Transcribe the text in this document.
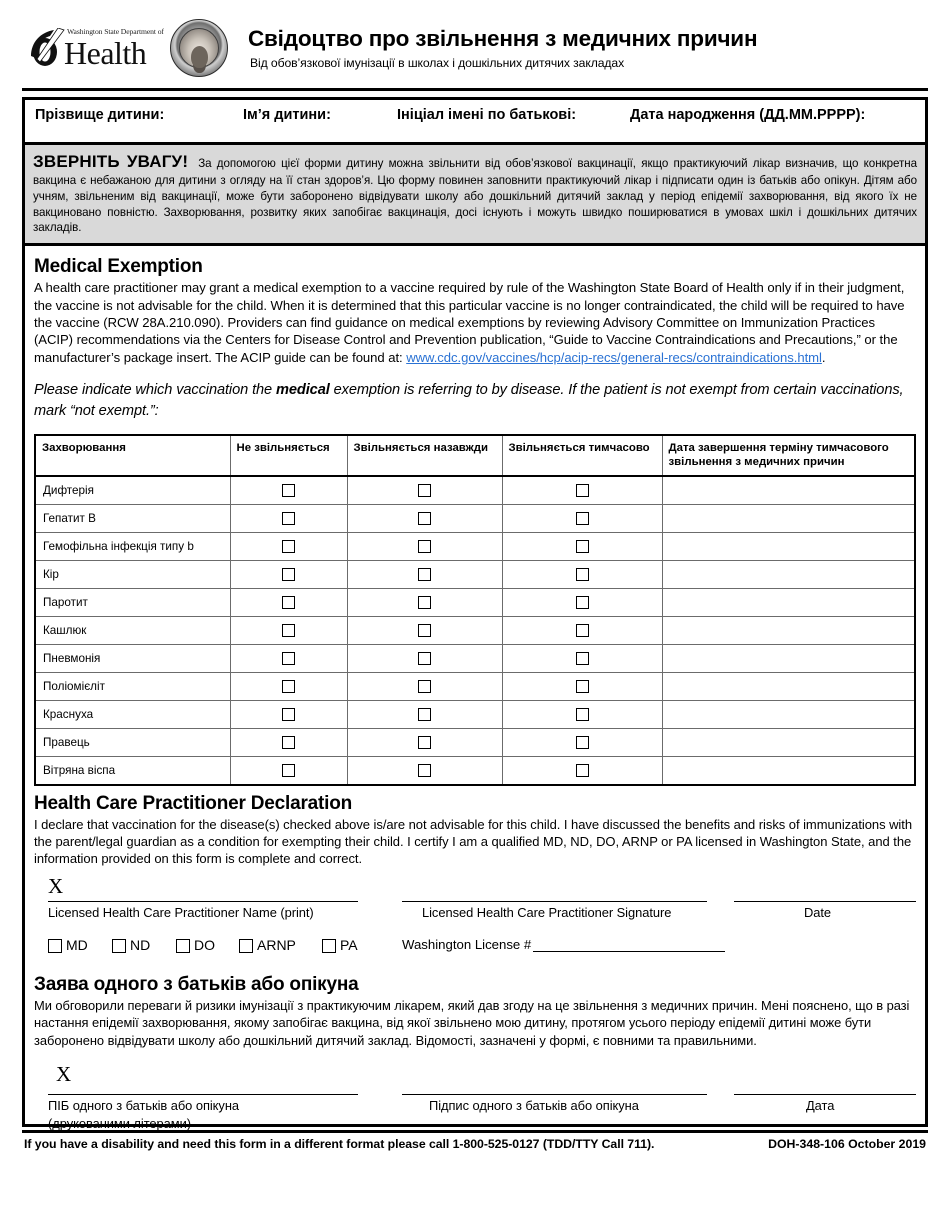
Washington State Department of
Health	Свідоцтво про звільнення з медичних причин
Від обов’язкової імунізації в школах і дошкільних дитячих закладах
Прізвище дитини:	Ім’я дитини:	Ініціал імені по батькові:	Дата народження (ДД.ММ.РРРР):

ЗВЕРНІТЬ УВАГУ! За допомогою цієї форми дитину можна звільнити від обов’язкової вакцинації, якщо практикуючий лікар визначив, що конкретна вакцина є небажаною для дитини з огляду на її стан здоров’я. Цю форму повинен заповнити практикуючий лікар і підписати один із батьків або опікун. Дітям або учням, звільненим від вакцинації, може бути заборонено відвідувати школу або дошкільний дитячий заклад у період епідемії захворювання, від якого їх не вакциновано повністю. Захворювання, розвитку яких запобігає вакцинація, досі існують і можуть швидко поширюватися в умовах шкіл і дошкільних дитячих закладів.

Medical Exemption

A health care practitioner may grant a medical exemption to a vaccine required by rule of the Washington State Board of Health only if in their judgment, the vaccine is not advisable for the child. When it is determined that this particular vaccine is no longer contraindicated, the child will be required to have the vaccine (RCW 28A.210.090). Providers can find guidance on medical exemptions by reviewing Advisory Committee on Immunization Practices (ACIP) recommendations via the Centers for Disease Control and Prevention publication, “Guide to Vaccine Contraindications and Precautions,” or the manufacturer’s package insert. The ACIP guide can be found at: www.cdc.gov/vaccines/hcp/acip-recs/general-recs/contraindications.html.

Please indicate which vaccination the medical exemption is referring to by disease. If the patient is not exempt from certain vaccinations, mark “not exempt.”:

Захворювання	Не звільняється	Звільняється назавжди	Звільняється тимчасово	Дата завершення терміну тимчасового звільнення з медичних причин
Дифтерія				
Гепатит B				
Гемофільна інфекція типу b				
Кір				
Паротит				
Кашлюк				
Пневмонія				
Поліомієліт				
Краснуха				
Правець				
Вітряна віспа				
Health Care Practitioner Declaration

I declare that vaccination for the disease(s) checked above is/are not advisable for this child. I have discussed the benefits and risks of immunizations with the parent/legal guardian as a condition for exempting their child. I certify I am a qualified MD, ND, DO, ARNP or PA licensed in Washington State, and the information provided on this form is complete and correct.

X
Licensed Health Care Practitioner Name (print)	Licensed Health Care Practitioner Signature	Date
MD	ND	DO	ARNP	PA	Washington License #
Заява одного з батьків або опікуна

Ми обговорили переваги й ризики імунізації з практикуючим лікарем, який дав згоду на це звільнення з медичних причин. Мені пояснено, що в разі настання епідемії захворювання, якому запобігає вакцина, від якої звільнено мою дитину, протягом усього періоду епідемії дитині може бути заборонено відвідувати школу або дошкільний дитячий заклад. Відомості, зазначені у формі, є повними та правильними.

X
ПІБ одного з батьків або опікуна
(друкованими літерами)
Підпис одного з батьків або опікуна	Дата
If you have a disability and need this form in a different format please call 1-800-525-0127 (TDD/TTY Call 711).	DOH-348-106 October 2019
